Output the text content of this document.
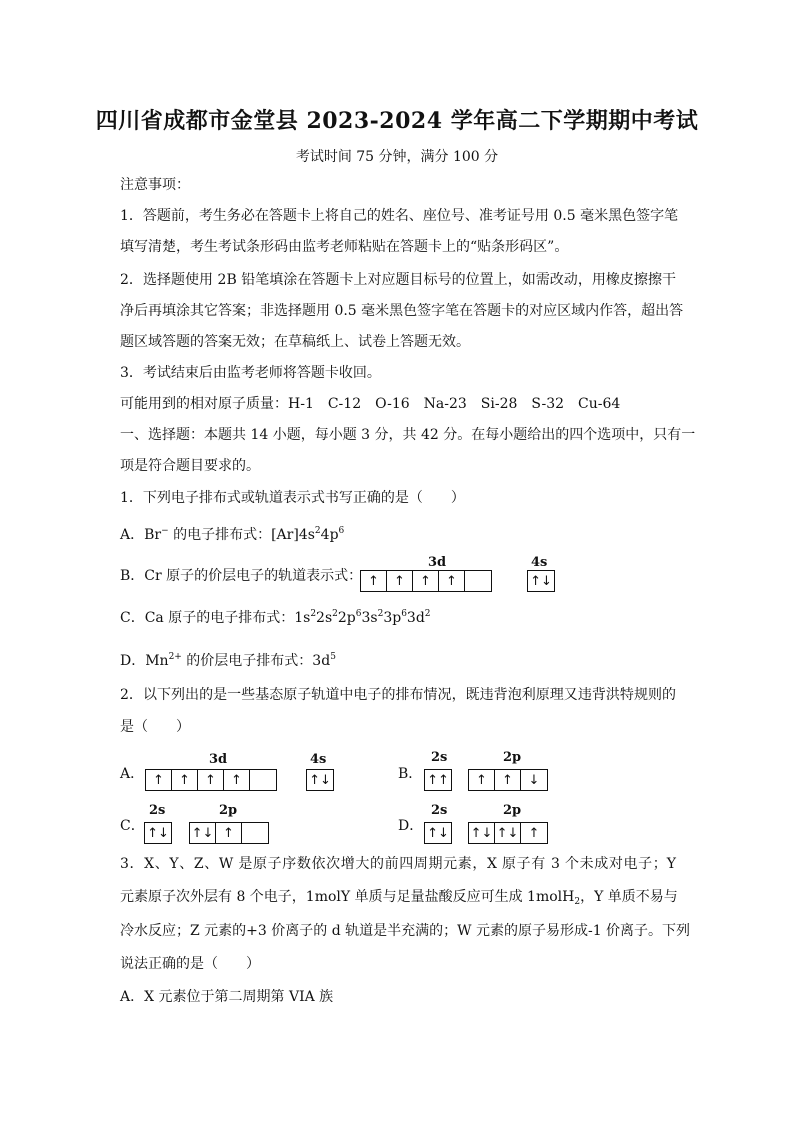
四川省成都市金堂县 2023-2024 学年高二下学期期中考试
考试时间 75 分钟，满分 100 分
注意事项：
1．答题前，考生务必在答题卡上将自己的姓名、座位号、准考证号用 0.5 毫米黑色签字笔
填写清楚，考生考试条形码由监考老师粘贴在答题卡上的“贴条形码区”。
2．选择题使用 2B 铅笔填涂在答题卡上对应题目标号的位置上，如需改动，用橡皮擦擦干
净后再填涂其它答案；非选择题用 0.5 毫米黑色签字笔在答题卡的对应区域内作答，超出答
题区域答题的答案无效；在草稿纸上、试卷上答题无效。
3．考试结束后由监考老师将答题卡收回。
可能用到的相对原子质量：H-1　C-12　O-16　Na-23　Si-28　S-32　Cu-64
一、选择题：本题共 14 小题，每小题 3 分，共 42 分。在每小题给出的四个选项中，只有一
项是符合题目要求的。
1．下列电子排布式或轨道表示式书写正确的是（　　）
A．Br− 的电子排布式：$[Ar]4s^24p^6$
B．Cr 原子的价层电子的轨道表示式：
3d
↑	↑	↑	↑
4s
↑↓
C．Ca 原子的电子排布式：$1s^22s^22p^63s^23p^63d^2$
D．$Mn^{2+}$ 的价层电子排布式：$3d^5$
2．以下列出的是一些基态原子轨道中电子的排布情况，既违背泡利原理又违背洪特规则的
是（　　）
A．
3d
↑	↑	↑	↑
4s
↑↓	B．
2s
↑↑
2p
↑	↑	↓
C．
2s
↑↓
2p
↑↓ ↑	D．
2s
↑↓
2p
↑↓ ↑↓ ↑
3．X、Y、Z、W 是原子序数依次增大的前四周期元素，X 原子有 3 个未成对电子；Y
元素原子次外层有 8 个电子，1molY 单质与足量盐酸反应可生成 1molH$_2$，Y 单质不易与
冷水反应；Z 元素的+3 价离子的 d 轨道是半充满的；W 元素的原子易形成-1 价离子。下列
说法正确的是（　　）
A．X 元素位于第二周期第 VIA 族
